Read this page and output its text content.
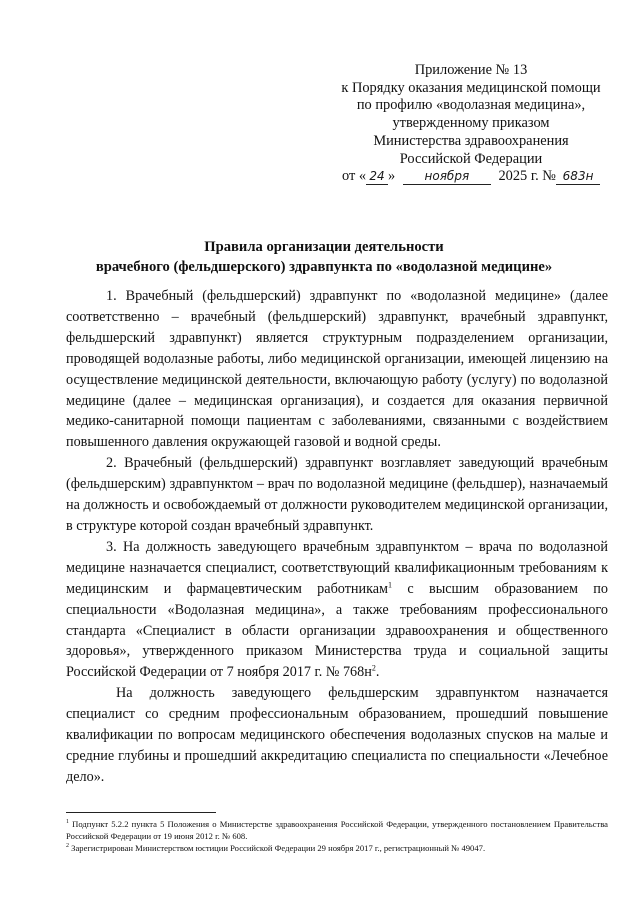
Приложение № 13
к Порядку оказания медицинской помощи
по профилю «водолазная медицина»,
утвержденному приказом
Министерства здравоохранения
Российской Федерации
от « 24 » ноября 2025 г. № 683н
Правила организации деятельности
врачебного (фельдшерского) здравпункта по «водолазной медицине»

1. Врачебный (фельдшерский) здравпункт по «водолазной медицине» (далее соответственно – врачебный (фельдшерский) здравпункт, врачебный здравпункт, фельдшерский здравпункт) является структурным подразделением организации, проводящей водолазные работы, либо медицинской организации, имеющей лицензию на осуществление медицинской деятельности, включающую работу (услугу) по водолазной медицине (далее – медицинская организация), и создается для оказания первичной медико-санитарной помощи пациентам с заболеваниями, связанными с воздействием повышенного давления окружающей газовой и водной среды.

2. Врачебный (фельдшерский) здравпункт возглавляет заведующий врачебным (фельдшерским) здравпунктом – врач по водолазной медицине (фельдшер), назначаемый на должность и освобождаемый от должности руководителем медицинской организации, в структуре которой создан врачебный здравпункт.

3. На должность заведующего врачебным здравпунктом – врача по водолазной медицине назначается специалист, соответствующий квалификационным требованиям к медицинским и фармацевтическим работникам$^1$ с высшим образованием по специальности «Водолазная медицина», а также требованиям профессионального стандарта «Специалист в области организации здравоохранения и общественного здоровья», утвержденного приказом Министерства труда и социальной защиты Российской Федерации от 7 ноября 2017 г. № $768н^2$.

На должность заведующего фельдшерским здравпунктом назначается специалист со средним профессиональным образованием, прошедший повышение квалификации по вопросам медицинского обеспечения водолазных спусков на малые и средние глубины и прошедший аккредитацию специалиста по специальности «Лечебное дело».

$^1$ Подпункт 5.2.2 пункта 5 Положения о Министерстве здравоохранения Российской Федерации, утвержденного постановлением Правительства Российской Федерации от 19 июня 2012 г. № 608.

$^2$ Зарегистрирован Министерством юстиции Российской Федерации 29 ноября 2017 г., регистрационный № 49047.
